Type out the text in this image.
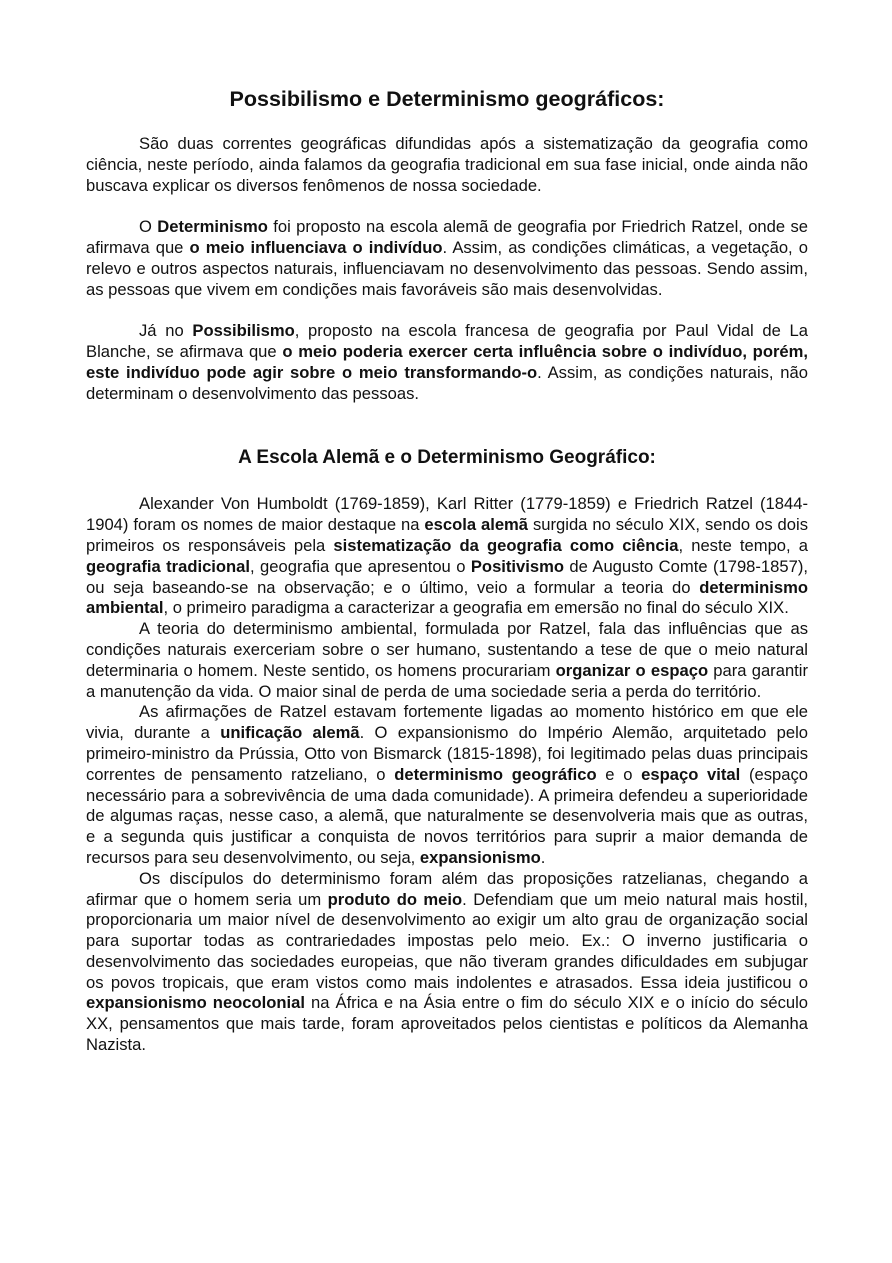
Possibilismo e Determinismo geográficos:

São duas correntes geográficas difundidas após a sistematização da geografia como ciência, neste período, ainda falamos da geografia tradicional em sua fase inicial, onde ainda não buscava explicar os diversos fenômenos de nossa sociedade.

O Determinismo foi proposto na escola alemã de geografia por Friedrich Ratzel, onde se afirmava que o meio influenciava o indivíduo. Assim, as condições climáticas, a vegetação, o relevo e outros aspectos naturais, influenciavam no desenvolvimento das pessoas. Sendo assim, as pessoas que vivem em condições mais favoráveis são mais desenvolvidas.

Já no Possibilismo, proposto na escola francesa de geografia por Paul Vidal de La Blanche, se afirmava que o meio poderia exercer certa influência sobre o indivíduo, porém, este indivíduo pode agir sobre o meio transformando-o. Assim, as condições naturais, não determinam o desenvolvimento das pessoas.

A Escola Alemã e o Determinismo Geográfico:

Alexander Von Humboldt (1769-1859), Karl Ritter (1779-1859) e Friedrich Ratzel (1844-1904) foram os nomes de maior destaque na escola alemã surgida no século XIX, sendo os dois primeiros os responsáveis pela sistematização da geografia como ciência, neste tempo, a geografia tradicional, geografia que apresentou o Positivismo de Augusto Comte (1798-1857), ou seja baseando-se na observação; e o último, veio a formular a teoria do determinismo ambiental, o primeiro paradigma a caracterizar a geografia em emersão no final do século XIX.

A teoria do determinismo ambiental, formulada por Ratzel, fala das influências que as condições naturais exerceriam sobre o ser humano, sustentando a tese de que o meio natural determinaria o homem. Neste sentido, os homens procurariam organizar o espaço para garantir a manutenção da vida. O maior sinal de perda de uma sociedade seria a perda do território.

As afirmações de Ratzel estavam fortemente ligadas ao momento histórico em que ele vivia, durante a unificação alemã. O expansionismo do Império Alemão, arquitetado pelo primeiro-ministro da Prússia, Otto von Bismarck (1815-1898), foi legitimado pelas duas principais correntes de pensamento ratzeliano, o determinismo geográfico e o espaço vital (espaço necessário para a sobrevivência de uma dada comunidade). A primeira defendeu a superioridade de algumas raças, nesse caso, a alemã, que naturalmente se desenvolveria mais que as outras, e a segunda quis justificar a conquista de novos territórios para suprir a maior demanda de recursos para seu desenvolvimento, ou seja, expansionismo.

Os discípulos do determinismo foram além das proposições ratzelianas, chegando a afirmar que o homem seria um produto do meio. Defendiam que um meio natural mais hostil, proporcionaria um maior nível de desenvolvimento ao exigir um alto grau de organização social para suportar todas as contrariedades impostas pelo meio. Ex.: O inverno justificaria o desenvolvimento das sociedades europeias, que não tiveram grandes dificuldades em subjugar os povos tropicais, que eram vistos como mais indolentes e atrasados. Essa ideia justificou o expansionismo neocolonial na África e na Ásia entre o fim do século XIX e o início do século XX, pensamentos que mais tarde, foram aproveitados pelos cientistas e políticos da Alemanha Nazista.
